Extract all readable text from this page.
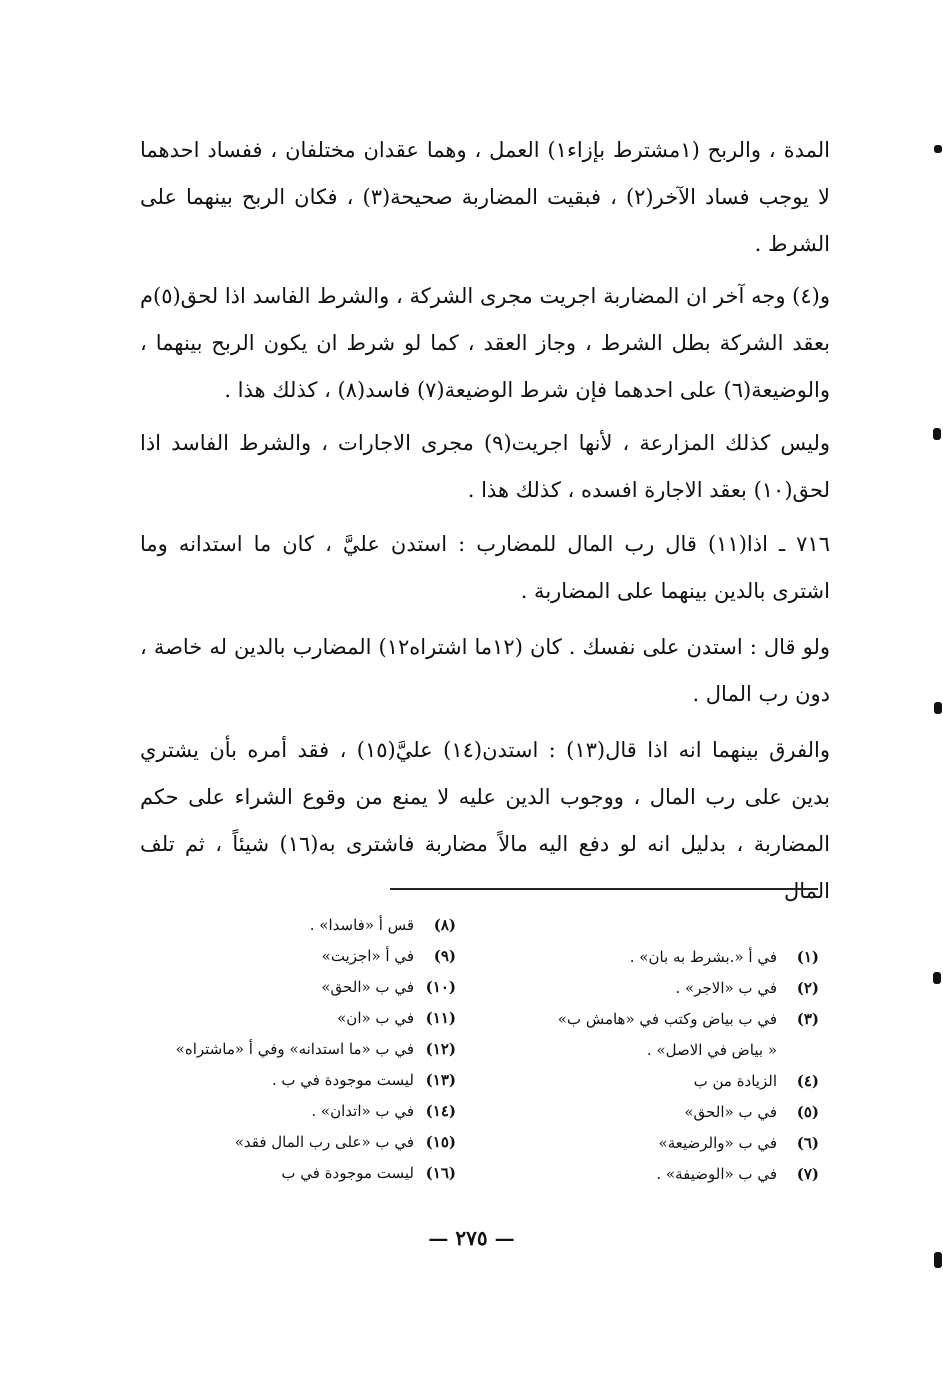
المدة ، والربح (١مشترط بإزاء١) العمل ، وهما عقدان مختلفان ، ففساد احدهما لا يوجب فساد الآخر(٢) ، فبقيت المضاربة صحيحة(٣) ، فكان الربح بينهما على الشرط .
و(٤) وجه آخر ان المضاربة اجريت مجرى الشركة ، والشرط الفاسد اذا لحق(٥)م بعقد الشركة بطل الشرط ، وجاز العقد ، كما لو شرط ان يكون الربح بينهما ، والوضيعة(٦) على احدهما فإن شرط الوضيعة(٧) فاسد(٨) ، كذلك هذا .
وليس كذلك المزارعة ، لأنها اجريت(٩) مجرى الاجارات ، والشرط الفاسد اذا لحق(١٠) بعقد الاجارة افسده ، كذلك هذا .
٧١٦ ـ اذا(١١) قال رب المال للمضارب : استدن عليَّ ، كان ما استدانه وما اشترى بالدين بينهما على المضاربة .
ولو قال : استدن على نفسك . كان (١٢ما اشتراه١٢) المضارب بالدين له خاصة ، دون رب المال .
والفرق بينهما انه اذا قال(١٣) : استدن(١٤) عليَّ(١٥) ، فقد أمره بأن يشتري بدين على رب المال ، ووجوب الدين عليه لا يمنع من وقوع الشراء على حكم المضاربة ، بدليل انه لو دفع اليه مالاً مضاربة فاشترى به(١٦) شيئاً ، ثم تلف المال
(١)في أ «.بشرط به بان» .
(٢)في ب «الاجر» .
(٣)في ب بياض وكتب في «هامش ب»
« بياض في الاصل» .
(٤)الزيادة من ب
(٥)في ب «الحق»
(٦)في ب «والرضيعة»
(٧)في ب «الوضيفة» .
(٨)قس أ «فاسدا» .
(٩)في أ «اجزيت»
(١٠)في ب «الحق»
(١١)في ب «ان»
(١٢)في ب «ما استدانه» وفي أ «ماشتراه»
(١٣)ليست موجودة في ب .
(١٤)في ب «اتدان» .
(١٥)في ب «على رب المال فقد»
(١٦)ليست موجودة في ب
— ٢٧٥ —
